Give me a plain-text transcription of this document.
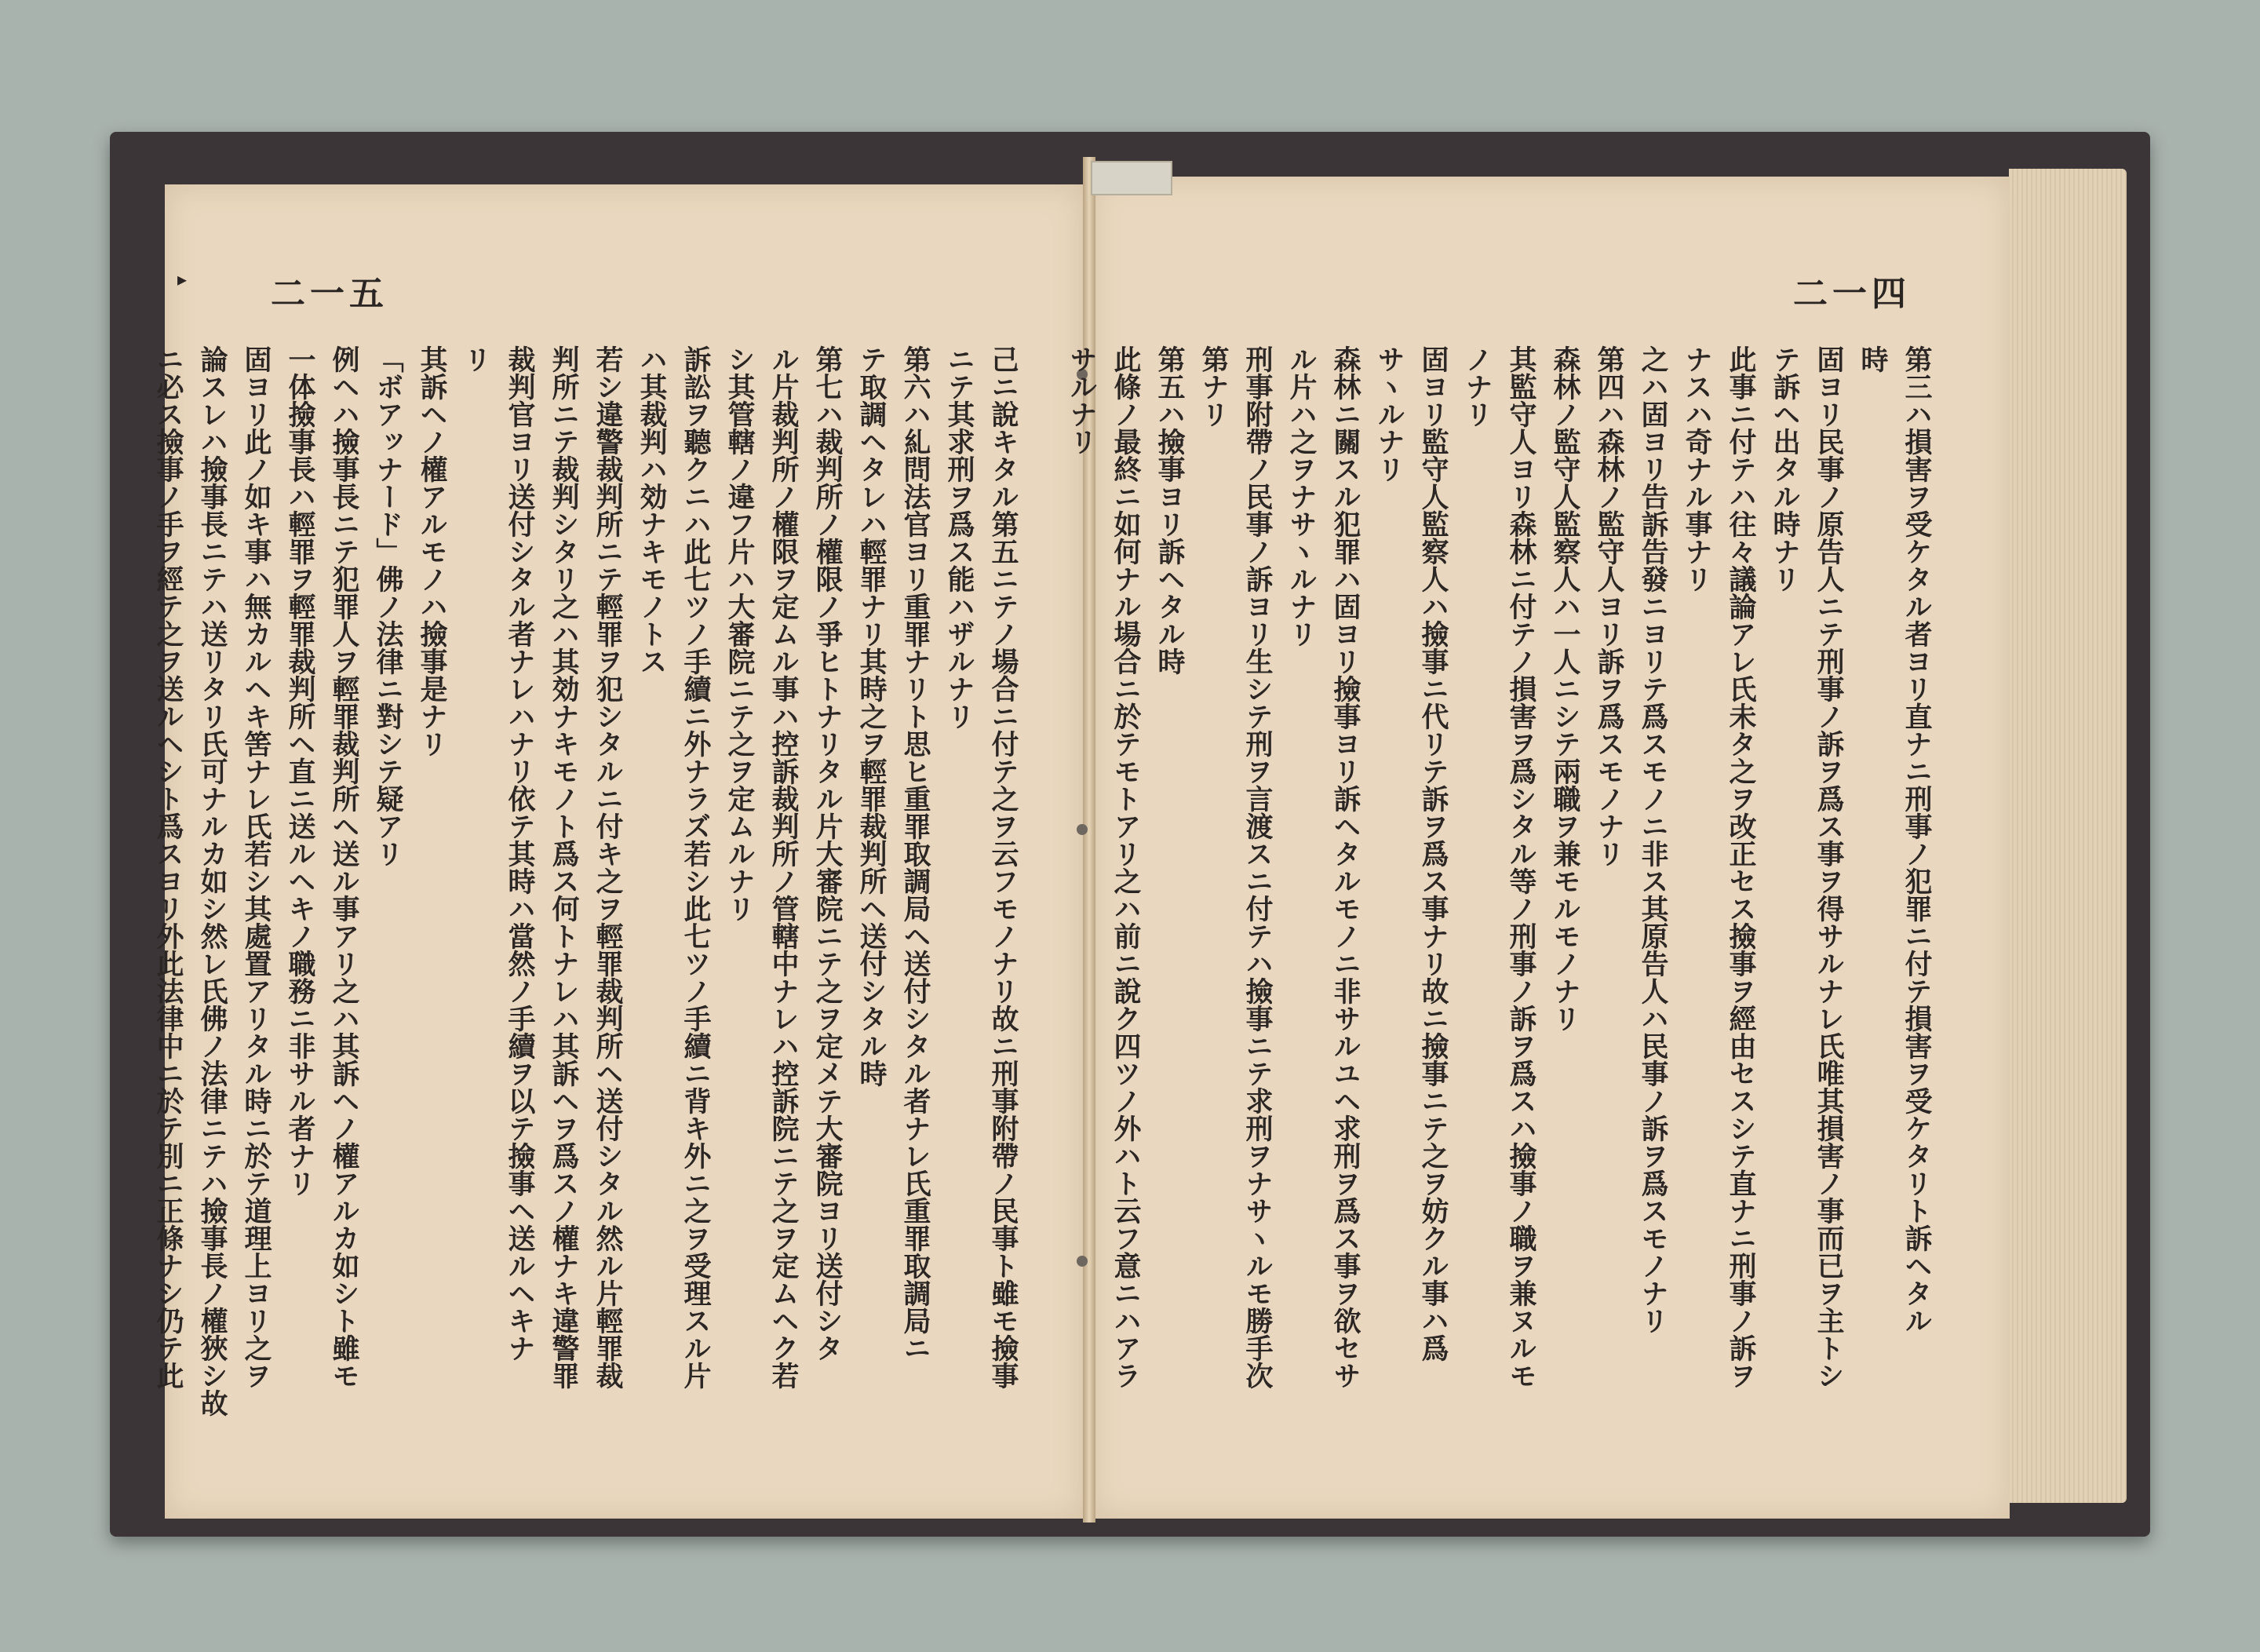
▸ 二一五	二一四
第三ハ損害ヲ受ケタル者ヨリ直ナニ刑事ノ犯罪ニ付テ損害ヲ受ケタリト訴ヘタル
時
固ヨリ民事ノ原告人ニテ刑事ノ訴ヲ爲ス事ヲ得サルナレ氏唯其損害ノ事而已ヲ主トシ
テ訴ヘ出タル時ナリ
此事ニ付テハ往々議論アレ氏未タ之ヲ改正セス撿事ヲ經由セスシテ直ナニ刑事ノ訴ヲ
ナスハ奇ナル事ナリ
之ハ固ヨリ告訴告發ニヨリテ爲スモノニ非ス其原告人ハ民事ノ訴ヲ爲スモノナリ
第四ハ森林ノ監守人ヨリ訴ヲ爲スモノナリ
森林ノ監守人監察人ハ一人ニシテ兩職ヲ兼モルモノナリ
其監守人ヨリ森林ニ付テノ損害ヲ爲シタル等ノ刑事ノ訴ヲ爲スハ撿事ノ職ヲ兼ヌルモ
ノナリ
固ヨリ監守人監察人ハ撿事ニ代リテ訴ヲ爲ス事ナリ故ニ撿事ニテ之ヲ妨クル事ハ爲
サヽルナリ
森林ニ關スル犯罪ハ固ヨリ撿事ヨリ訴ヘタルモノニ非サルユヘ求刑ヲ爲ス事ヲ欲セサ
ル片ハ之ヲナサヽルナリ
刑事附帶ノ民事ノ訴ヨリ生シテ刑ヲ言渡スニ付テハ撿事ニテ求刑ヲナサヽルモ勝手次
第ナリ
第五ハ撿事ヨリ訴ヘタル時
此條ノ最終ニ如何ナル場合ニ於テモトアリ之ハ前ニ說ク四ツノ外ハト云フ意ニハアラ
サルナリ
己ニ說キタル第五ニテノ場合ニ付テ之ヲ云フモノナリ故ニ刑事附帶ノ民事ト雖モ撿事
ニテ其求刑ヲ爲ス能ハザルナリ
第六ハ糺問法官ヨリ重罪ナリト思ヒ重罪取調局ヘ送付シタル者ナレ氏重罪取調局ニ
テ取調ヘタレハ輕罪ナリ其時之ヲ輕罪裁判所ヘ送付シタル時
第七ハ裁判所ノ權限ノ爭ヒトナリタル片大審院ニテ之ヲ定メテ大審院ヨリ送付シタ
ル片裁判所ノ權限ヲ定ムル事ハ控訴裁判所ノ管轄中ナレハ控訴院ニテ之ヲ定ムヘク若
シ其管轄ノ違フ片ハ大審院ニテ之ヲ定ムルナリ
訴訟ヲ聽クニハ此七ツノ手續ニ外ナラズ若シ此七ツノ手續ニ背キ外ニ之ヲ受理スル片
ハ其裁判ハ効ナキモノトス
若シ違警裁判所ニテ輕罪ヲ犯シタルニ付キ之ヲ輕罪裁判所ヘ送付シタル然ル片輕罪裁
判所ニテ裁判シタリ之ハ其効ナキモノト爲ス何トナレハ其訴ヘヲ爲スノ權ナキ違警罪
裁判官ヨリ送付シタル者ナレハナリ依テ其時ハ當然ノ手續ヲ以テ撿事ヘ送ルヘキナ
リ
其訴ヘノ權アルモノハ撿事是ナリ
「ボアッナード」佛ノ法律ニ對シテ疑アリ
例ヘハ撿事長ニテ犯罪人ヲ輕罪裁判所ヘ送ル事アリ之ハ其訴ヘノ權アルカ如シト雖モ
一体撿事長ハ輕罪ヲ輕罪裁判所ヘ直ニ送ルヘキノ職務ニ非サル者ナリ
固ヨリ此ノ如キ事ハ無カルヘキ筈ナレ氏若シ其處置アリタル時ニ於テ道理上ヨリ之ヲ
論スレハ撿事長ニテハ送リタリ氏可ナルカ如シ然レ氏佛ノ法律ニテハ撿事長ノ權狹シ故
ニ必ス撿事ノ手ヲ經テ之ヲ送ルヘシト爲スヨリ外此法律中ニ於テ別ニ正條ナシ仍テ此
